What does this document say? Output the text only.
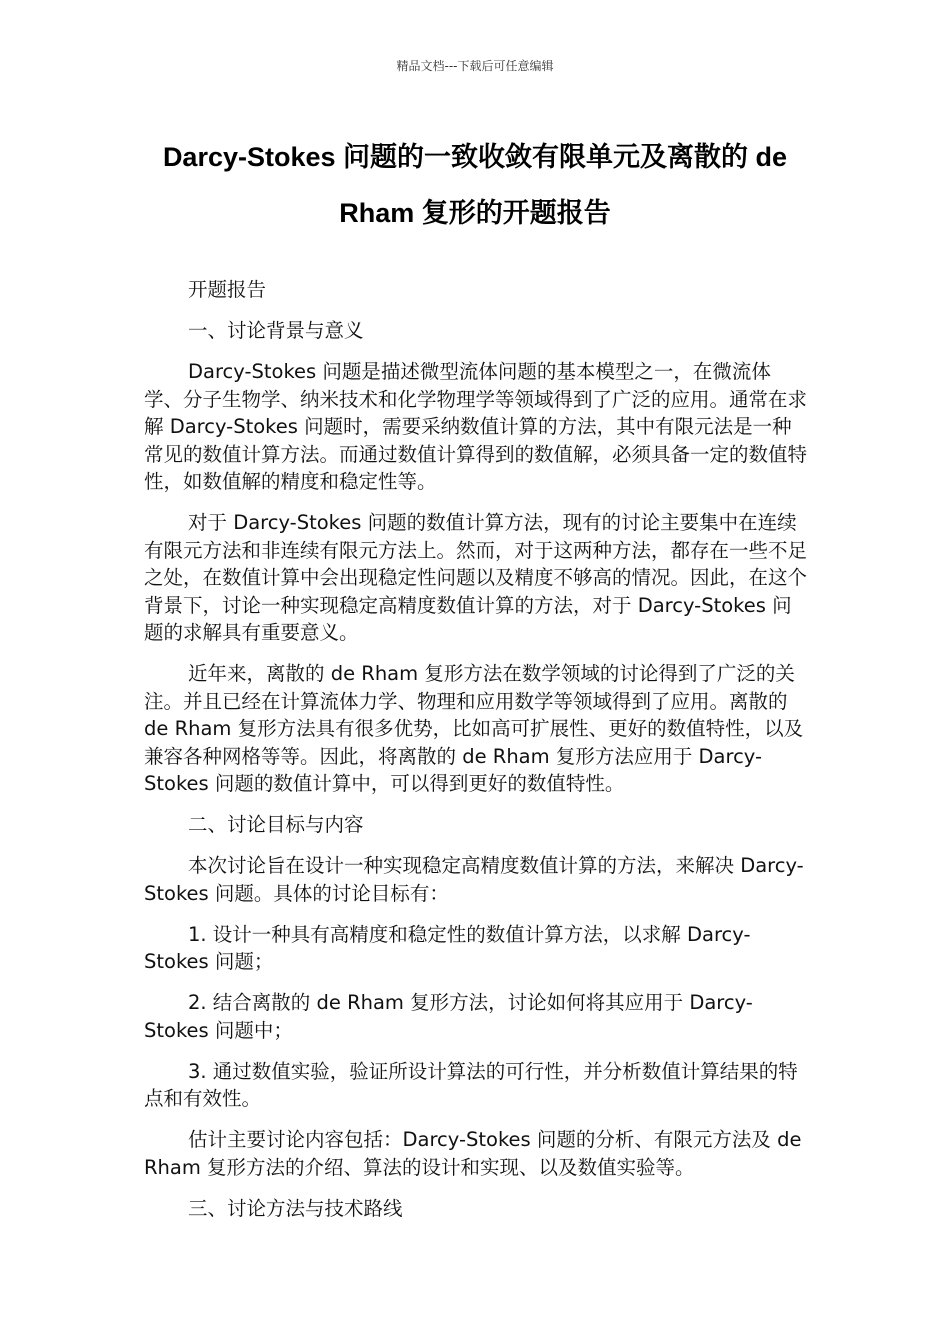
精品文档---下载后可任意编辑
Darcy-Stokes 问题的一致收敛有限单元及离散的 de
Rham 复形的开题报告

开题报告

一、讨论背景与意义

Darcy-Stokes 问题是描述微型流体问题的基本模型之一，在微流体学、分子生物学、纳米技术和化学物理学等领域得到了广泛的应用。通常在求解 Darcy-Stokes 问题时，需要采纳数值计算的方法，其中有限元法是一种常见的数值计算方法。而通过数值计算得到的数值解，必须具备一定的数值特性，如数值解的精度和稳定性等。

对于 Darcy-Stokes 问题的数值计算方法，现有的讨论主要集中在连续有限元方法和非连续有限元方法上。然而，对于这两种方法，都存在一些不足之处，在数值计算中会出现稳定性问题以及精度不够高的情况。因此，在这个背景下，讨论一种实现稳定高精度数值计算的方法，对于 Darcy-Stokes 问题的求解具有重要意义。

近年来，离散的 de Rham 复形方法在数学领域的讨论得到了广泛的关注。并且已经在计算流体力学、物理和应用数学等领域得到了应用。离散的 de Rham 复形方法具有很多优势，比如高可扩展性、更好的数值特性，以及兼容各种网格等等。因此，将离散的 de Rham 复形方法应用于 Darcy-Stokes 问题的数值计算中，可以得到更好的数值特性。

二、讨论目标与内容

本次讨论旨在设计一种实现稳定高精度数值计算的方法，来解决 Darcy-Stokes 问题。具体的讨论目标有：

1. 设计一种具有高精度和稳定性的数值计算方法，以求解 Darcy-Stokes 问题；

2. 结合离散的 de Rham 复形方法，讨论如何将其应用于 Darcy-Stokes 问题中；

3. 通过数值实验，验证所设计算法的可行性，并分析数值计算结果的特点和有效性。

估计主要讨论内容包括：Darcy-Stokes 问题的分析、有限元方法及 de Rham 复形方法的介绍、算法的设计和实现、以及数值实验等。

三、讨论方法与技术路线
